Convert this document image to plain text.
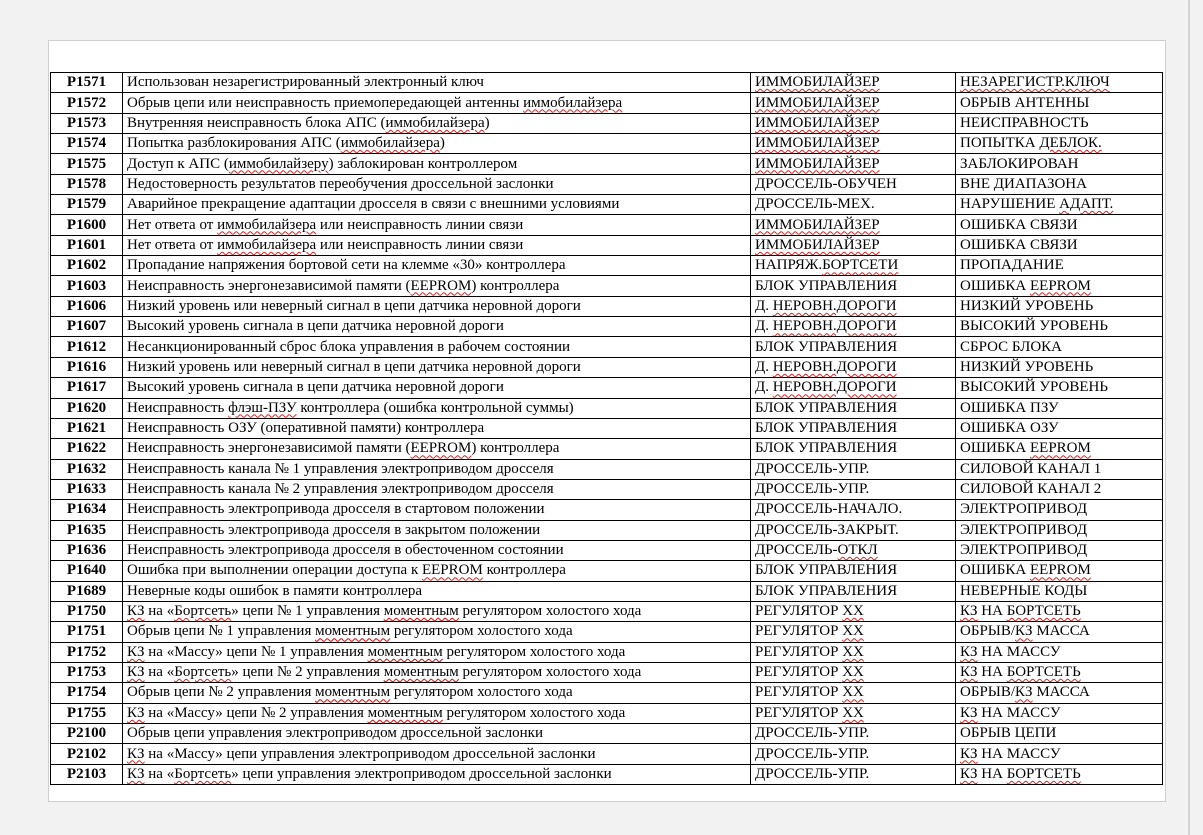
P1571	Использован незарегистрированный электронный ключ	ИММОБИЛАЙЗЕР	НЕЗАРЕГИСТР.КЛЮЧ
P1572	Обрыв цепи или неисправность приемопередающей антенны иммобилайзера	ИММОБИЛАЙЗЕР	ОБРЫВ АНТЕННЫ
P1573	Внутренняя неисправность блока АПС (иммобилайзера)	ИММОБИЛАЙЗЕР	НЕИСПРАВНОСТЬ
P1574	Попытка разблокирования АПС (иммобилайзера)	ИММОБИЛАЙЗЕР	ПОПЫТКА ДЕБЛОК.
P1575	Доступ к АПС (иммобилайзеру) заблокирован контроллером	ИММОБИЛАЙЗЕР	ЗАБЛОКИРОВАН
P1578	Недостоверность результатов переобучения дроссельной заслонки	ДРОССЕЛЬ-ОБУЧЕН	ВНЕ ДИАПАЗОНА
P1579	Аварийное прекращение адаптации дросселя в связи с внешними условиями	ДРОССЕЛЬ-МЕХ.	НАРУШЕНИЕ АДАПТ.
P1600	Нет ответа от иммобилайзера или неисправность линии связи	ИММОБИЛАЙЗЕР	ОШИБКА СВЯЗИ
P1601	Нет ответа от иммобилайзера или неисправность линии связи	ИММОБИЛАЙЗЕР	ОШИБКА СВЯЗИ
P1602	Пропадание напряжения бортовой сети на клемме «30» контроллера	НАПРЯЖ.БОРТСЕТИ	ПРОПАДАНИЕ
P1603	Неисправность энергонезависимой памяти (EEPROM) контроллера	БЛОК УПРАВЛЕНИЯ	ОШИБКА EEPROM
P1606	Низкий уровень или неверный сигнал в цепи датчика неровной дороги	Д. НЕРОВН.ДОРОГИ	НИЗКИЙ УРОВЕНЬ
P1607	Высокий уровень сигнала в цепи датчика неровной дороги	Д. НЕРОВН.ДОРОГИ	ВЫСОКИЙ УРОВЕНЬ
P1612	Несанкционированный сброс блока управления в рабочем состоянии	БЛОК УПРАВЛЕНИЯ	СБРОС БЛОКА
P1616	Низкий уровень или неверный сигнал в цепи датчика неровной дороги	Д. НЕРОВН.ДОРОГИ	НИЗКИЙ УРОВЕНЬ
P1617	Высокий уровень сигнала в цепи датчика неровной дороги	Д. НЕРОВН.ДОРОГИ	ВЫСОКИЙ УРОВЕНЬ
P1620	Неисправность флэш-ПЗУ контроллера (ошибка контрольной суммы)	БЛОК УПРАВЛЕНИЯ	ОШИБКА ПЗУ
P1621	Неисправность ОЗУ (оперативной памяти) контроллера	БЛОК УПРАВЛЕНИЯ	ОШИБКА ОЗУ
P1622	Неисправность энергонезависимой памяти (EEPROM) контроллера	БЛОК УПРАВЛЕНИЯ	ОШИБКА EEPROM
P1632	Неисправность канала № 1 управления электроприводом дросселя	ДРОССЕЛЬ-УПР.	СИЛОВОЙ КАНАЛ 1
P1633	Неисправность канала № 2 управления электроприводом дросселя	ДРОССЕЛЬ-УПР.	СИЛОВОЙ КАНАЛ 2
P1634	Неисправность электропривода дросселя в стартовом положении	ДРОССЕЛЬ-НАЧАЛО.	ЭЛЕКТРОПРИВОД
P1635	Неисправность электропривода дросселя в закрытом положении	ДРОССЕЛЬ-ЗАКРЫТ.	ЭЛЕКТРОПРИВОД
P1636	Неисправность электропривода дросселя в обесточенном состоянии	ДРОССЕЛЬ-ОТКЛ	ЭЛЕКТРОПРИВОД
P1640	Ошибка при выполнении операции доступа к EEPROM контроллера	БЛОК УПРАВЛЕНИЯ	ОШИБКА EEPROM
P1689	Неверные коды ошибок в памяти контроллера	БЛОК УПРАВЛЕНИЯ	НЕВЕРНЫЕ КОДЫ
P1750	КЗ на «Бортсеть» цепи № 1 управления моментным регулятором холостого хода	РЕГУЛЯТОР ХХ	КЗ НА БОРТСЕТЬ
P1751	Обрыв цепи № 1 управления моментным регулятором холостого хода	РЕГУЛЯТОР ХХ	ОБРЫВ/КЗ МАССА
P1752	КЗ на «Массу» цепи № 1 управления моментным регулятором холостого хода	РЕГУЛЯТОР ХХ	КЗ НА МАССУ
P1753	КЗ на «Бортсеть» цепи № 2 управления моментным регулятором холостого хода	РЕГУЛЯТОР ХХ	КЗ НА БОРТСЕТЬ
P1754	Обрыв цепи № 2 управления моментным регулятором холостого хода	РЕГУЛЯТОР ХХ	ОБРЫВ/КЗ МАССА
P1755	КЗ на «Массу» цепи № 2 управления моментным регулятором холостого хода	РЕГУЛЯТОР ХХ	КЗ НА МАССУ
P2100	Обрыв цепи управления электроприводом дроссельной заслонки	ДРОССЕЛЬ-УПР.	ОБРЫВ ЦЕПИ
P2102	КЗ на «Массу» цепи управления электроприводом дроссельной заслонки	ДРОССЕЛЬ-УПР.	КЗ НА МАССУ
P2103	КЗ на «Бортсеть» цепи управления электроприводом дроссельной заслонки	ДРОССЕЛЬ-УПР.	КЗ НА БОРТСЕТЬ
